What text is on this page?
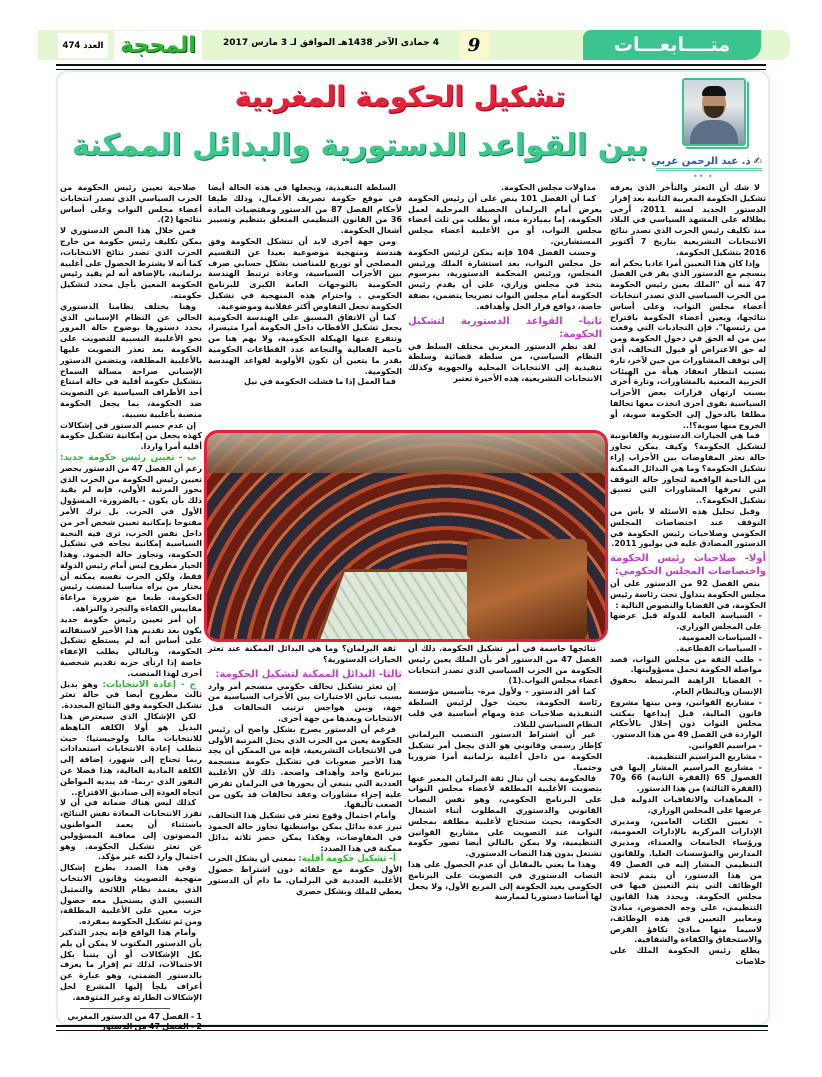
متــــابعـــات
9
المحجة	4 جمادى الآخر 1438هـ الموافق لـ 3 مارس 2017
العدد
474
تشكيل الحكومة المغربية
بين القواعد الدستورية والبدائل الممكنة	✍ذ. عبد الرحمن غربي
•• •

لا شك أن التعثر والتأخر الذي يعرفه تشكيل الحكومة المغربية الثانية بعد إقرار الدستور الجديد لسنة 2011، أرخى بظلاله على المشهد السياسي في البلاد منذ تكليف رئيس الحزب الذي تصدر نتائج الانتخابات التشريعية بتاريخ 7 أكتوبر 2016 بتشكيل الحكومة.

وإذا كان هذا التعيين أمرا عاديا بحكم أنه ينسجم مع الدستور الذي يقر في الفصل 47 منه أن "الملك يعين رئيس الحكومة من الحزب السياسي الذي تصدر انتخابات أعضاء مجلس النواب، وعلى أساس نتائجها، ويعين أعضاء الحكومة باقتراح من رئيسها". فإن التجاذبات التي وقعت بين من له الحق في دخول الحكومة ومن له حق الاعتراض أو قبول التحالف، أدى إلى توقف المشاورات من حين لآخر، تارة بسبب انتظار انعقاد هيأة من الهيئات الحزبية المعنية بالمشاورات، وتارة أخرى بسبب ارتهان قرارات بعض الأحزاب السياسية بقوى أخرى اتخذت معها تحالفا مطلقا بالدخول إلى الحكومة سوية، أو الخروج منها سوية؟!..

فما هي الخيارات الدستورية والقانونية لتشكيل الحكومة؟ وكيف يمكن تجاوز حالة تعثر المفاوضات بين الأحزاب إزاء تشكيل الحكومة؟ وما هي البدائل الممكنة من الناحية الواقعية لتجاوز حالة التوقف التي تعرفها المشاورات التي تسبق تشكيل الحكومة؟..

وقبل تحليل هذه الأسئلة لا بأس من التوقف عند اختصاصات المجلس الحكومي وصلاحيات رئيس الحكومة في الدستور المصادق عليه في يوليوز 2011.

أولا- صلاحيات رئيس الحكومة واختصاصات المجلس الحكومي:

ينص الفصل 92 من الدستور على أن مجلس الحكومة يتداول تحت رئاسة رئيس الحكومة، في القضايا والنصوص التالية :

- السياسة العامة للدولة قبل عرضها على المجلس الوزاري.

- السياسات العمومية.

- السياسات القطاعية.

- طلب الثقة من مجلس النواب، قصد مواصلة الحكومة تحمل مسؤوليتها.

- القضايا الراهنة المرتبطة بحقوق الإنسان وبالنظام العام.

- مشاريع القوانين، ومن بينها مشروع قانون المالية، قبل إيداعها بمكتب مجلس النواب دون إخلال بالأحكام الواردة في الفصل 49 من هذا الدستور.

- مراسيم القوانين.

- مشاريع المراسيم التنظيمية.

- مشاريع المراسيم المشار إليها في الفصول 65 (الفقرة الثانية) 66 و70 (الفقرة الثالثة) من هذا الدستور.

- المعاهدات والاتفاقيات الدولية قبل عرضها على المجلس الوزاري.

- تعيين الكتاب العامين، ومديري الإدارات المركزية بالإدارات العمومية، ورؤساء الجامعات والعمداء، ومديري المدارس والمؤسسات العليا. وللقانون التنظيمي المشار إليه في الفصل 49 من هذا الدستور، أن يتمم لائحة الوظائف التي يتم التعيين فيها في مجلس الحكومة. ويحدد هذا القانون التنظيمي، على وجه الخصوص، مبادئ ومعايير التعيين في هذه الوظائف، لاسيما منها مبادئ تكافؤ الفرص والاستحقاق والكفاءة والشفافية.

يطلع رئيس الحكومة الملك على خلاصات

مداولات مجلس الحكومة.

كما أن الفصل 101 ينص على أن رئيس الحكومة يعرض أمام البرلمان الحصيلة المرحلية لعمل الحكومة، إما بمبادرة منه، أو بطلب من ثلث أعضاء مجلس النواب، أو من الأغلبية أعضاء مجلس المستشارين.

وحسب الفصل 104 فإنه يمكن لرئيس الحكومة حل مجلس النواب، بعد استشارة الملك ورئيس المجلس، ورئيس المحكمة الدستورية، بمرسوم يتخذ في مجلس وزاري، على أن يقدم رئيس الحكومة أمام مجلس النواب تصريحا يتضمن، بصفة خاصة، دوافع قرار الحل وأهدافه.

ثانيا- القواعد الدستورية لتشكيل الحكومة:

لقد نظم الدستور المغربي مختلف السلط في النظام السياسي، من سلطة قضائية وسلطة تنفيذية إلى الانتخابات المحلية والجهوية وكذلك الانتخابات التشريعية، هذه الأخيرة تعتبر

السلطة التنفيذية، ويجعلها في هذه الحالة أيضا في موقع حكومة تصريف الأعمال، وذلك طبقا لأحكام الفصل 87 من الدستور ومقتضيات المادة 36 من القانون التنظيمي المتعلق بتنظيم وتسيير أشغال الحكومة.

ومن جهة أخرى لابد أن تتشكل الحكومة وفق هندسة ومنهجية موضوعية بعيدا عن التقسيم المصلحي أو توزيع للمناصب بشكل حسابي صرف بين الأحزاب السياسية، وعادة ترتبط الهندسة الحكومية بالتوجهات العامة الكبرى للبرنامج الحكومي . واحترام هذه المنهجية في تشكيل الحكومة تجعل التفاوض أكثر عقلانية وموضوعية.

كما أن الاتفاق المسبق على الهندسة الحكومية يجعل تشكيل الأقطاب داخل الحكومة أمرا متيسرا، وتتفرع عنها الهيكلة الحكومية، ولا يهم هنا من ناحية الفعالية والنجاعة عدد القطاعات الحكومية بقدر ما يتعين أن تكون الأولوية لقواعد الهندسة الحكومية.

فما العمل إذا ما فشلت الحكومة في نيل

صلاحية تعيين رئيس الحكومة من الحزب السياسي الذي تصدر انتخابات أعضاء مجلس النواب وعلى أساس نتائجها (2).

فمن خلال هذا النص الدستوري لا يمكن تكليف رئيس حكومة من خارج الحزب الذي تصدر نتائج الانتخابات، كما أنه لا يشترط الحصول على أغلبية برلمانية، بالإضافة أنه لم يقيد رئيس الحكومة المعين بأجل محدد لتشكيل حكومته.

وهنا يختلف نظامنا الدستوري الحالي عن النظام الإسباني الذي يحدد دستورها بوضوح حالة المرور نحو الأغلبية النسبية للتصويت على الحكومة بعد تعذر التصويت عليها بالأغلبية المطلقة، ويتضمن الدستور الإسباني صراحة مسالة السماح بتشكيل حكومة أقلية في حالة امتناع أحد الأطراف السياسية عن التصويت ضد الحكومة، بما يجعل الحكومة منصبة بأغلبية نسبية.

إن عدم حسم الدستور في إشكالات كهذه يجعل من إمكانية تشكيل حكومة أقلية أمرا واردا.

ب - تعيين رئيس حكومة جديد: رغم أن الفصل 47 من الدستور يحصر تعيين رئيس الحكومة من الحزب الذي يحوز المرتبة الأولى، فإنه لم يقيد ذلك بأن يكون - بالضرورة- المسؤول الأول في الحزب. بل ترك الأمر مفتوحا بإمكانية تعيين شخص آخر من داخل نفس الحزب، ترى فيه النخبة السياسية إمكانية نجاحه في تشكيل الحكومة، وتجاوز حالة الجمود. وهذا الخيار مطروح ليس أمام رئيس الدولة فقط، ولكن الحزب نفسه يمكنه أن يختار من يراه مناسبا لمنصب رئيس الحكومة، طبعا مع ضرورة مراعاة مقاييس الكفاءة والتجرد والنزاهة.

إن أمر تعيين رئيس حكومة جديد يكون بعد تقديم هذا الأخير لاستقالته على أساس أنه لم يستطع تشكيل الحكومة، وبالتالي يطلب الإعفاء خاصة إذا ارتأى حزبه تقديم شخصية أخرى لهذا المنصب.

ج - إعادة الانتخابات: وهو بديل ثالث مطروح أيضا في حالة تعثر تشكيل الحكومة وفق النتائج المحددة.

لكن الإشكال الذي سيعترض هذا البديل هو أولا الكلفة الباهظة للانتخابات ماليا ولوجيستيا؛ حيث تتطلب إعادة الانتخابات استعدادات ربما تحتاج إلى شهور، إضافة إلى الكلفة المادية العالية، هذا فضلا عن النفور الذي -ربما- قد يبديه المواطن اتجاه العودة إلى صناديق الاقتراع..

كذلك ليس هناك ضمانة في أن لا تفرز الانتخابات المعادة نفس النتائج، باستثناء أن يعمد المواطنون المصوتون إلى معاقبة المسؤولين عن تعثر تشكيل الحكومة. وهو احتمال وارد لكنه غير مؤكد.

وفي هذا الصدد يطرح إشكال منهجية التصويت وقانون الانتخاب الذي يعتمد نظام اللائحة والتمثيل النسبي الذي يستحيل معه حصول حزب معين على الأغلبية المطلقة، ومن ثم تشكيل الحكومة بمفرده.

وأمام هذا الواقع فإنه يجدر التذكير بأن الدستور المكتوب لا يمكن أن يلم بكل الإشكالات أو أن يتنبأ بكل الاحتمالات، لذلك تم إقرار ما يعرف بالدستور الضمني، وهو عبارة عن أعراف يلجأ إليها المشرع لحل الإشكالات الطارئة وغير المتوقعة.

1 - الفصل 47 من الدستور المغربي

2 - الفصل 47 من الدستور

نتائجها حاسمة في أمر تشكيل الحكومة. ذلك أن الفصل 47 من الدستور أقر بأن الملك يعين رئيس الحكومة من الحزب السياسي الذي تصدر انتخابات أعضاء مجلس النواب.(1)

كما أقر الدستور - ولأول مرة- بتأسيس مؤسسة رئاسة الحكومة، بحيث خول لرئيس السلطة التنفيذية صلاحيات عدة ومهام أساسية في قلب النظام السياسي للبلاد.

غير أن اشتراط الدستور التنصيب البرلماني كإطار رسمي وقانوني هو الذي يجعل أمر تشكيل الحكومة من داخل أغلبية برلمانية أمرا ضروريا وحتميا.

فالحكومة يجب أن تنال ثقة البرلمان المعبر عنها بتصويت الأغلبية المطلقة لأعضاء مجلس النواب على البرنامج الحكومي، وهو نفس النصاب القانوني والدستوري المطلوب أثناء اشتغال الحكومة، بحيث ستحتاج لأغلبية مطلقة بمجلس النواب عند التصويت على مشاريع القوانين التنظيمية، ولا يمكن بالتالي أيضا تصور حكومة تشتغل بدون هذا النصاب الدستوري.

وهذا ما يعني بالمقابل أن عدم الحصول على هذا النصاب الدستوري في التصويت على البرنامج الحكومي يعيد الحكومة إلى المربع الأول، ولا يجعل لها أساسا دستوريا لممارسة

ثقة البرلمان؟ وما هي البدائل الممكنة عند تعثر الخيارات الدستورية؟

ثالثا- البدائل الممكنة لتشكيل الحكومة:

إن تعثر تشكيل تحالف حكومي منسجم أمر وارد بسبب تباين الاختيارات بين الأحزاب السياسية من جهة، وبين هواجس ترتيب التحالفات قبل الانتخابات وبعدها من جهة أخرى.

فرغم أن الدستور يصرح بشكل واضح أن رئيس الحكومة يعين من الحزب الذي يحتل المرتبة الأولى في الانتخابات التشريعية، فإنه من الممكن أن يجد هذا الأخير صعوبات في تشكيل حكومة منسجمة ببرنامج واحد وأهداف واضحة. ذلك لأن الأغلبية العددية التي ينبغي أن يحوزها في البرلمان تفرض عليه إجراء مشاورات وعقد تحالفات قد يكون من الصعب تأليفها.

وأمام احتمال وقوع تعثر في تشكيل هذا التحالف، تبرز عدة بدائل يمكن بواسطتها تجاوز حالة الجمود في المفاوضات، وهكذا يمكن حصر ثلاثة بدائل ممكنة في هذا الصدد:

أ- تشكيل حكومة أقلية: بمعنى أن يشكل الحزب الأول حكومة مع حلفائه دون اشتراط حصول الأغلبية العددية في البرلمان. ما دام أن الدستور يعطي للملك وبشكل حصري
